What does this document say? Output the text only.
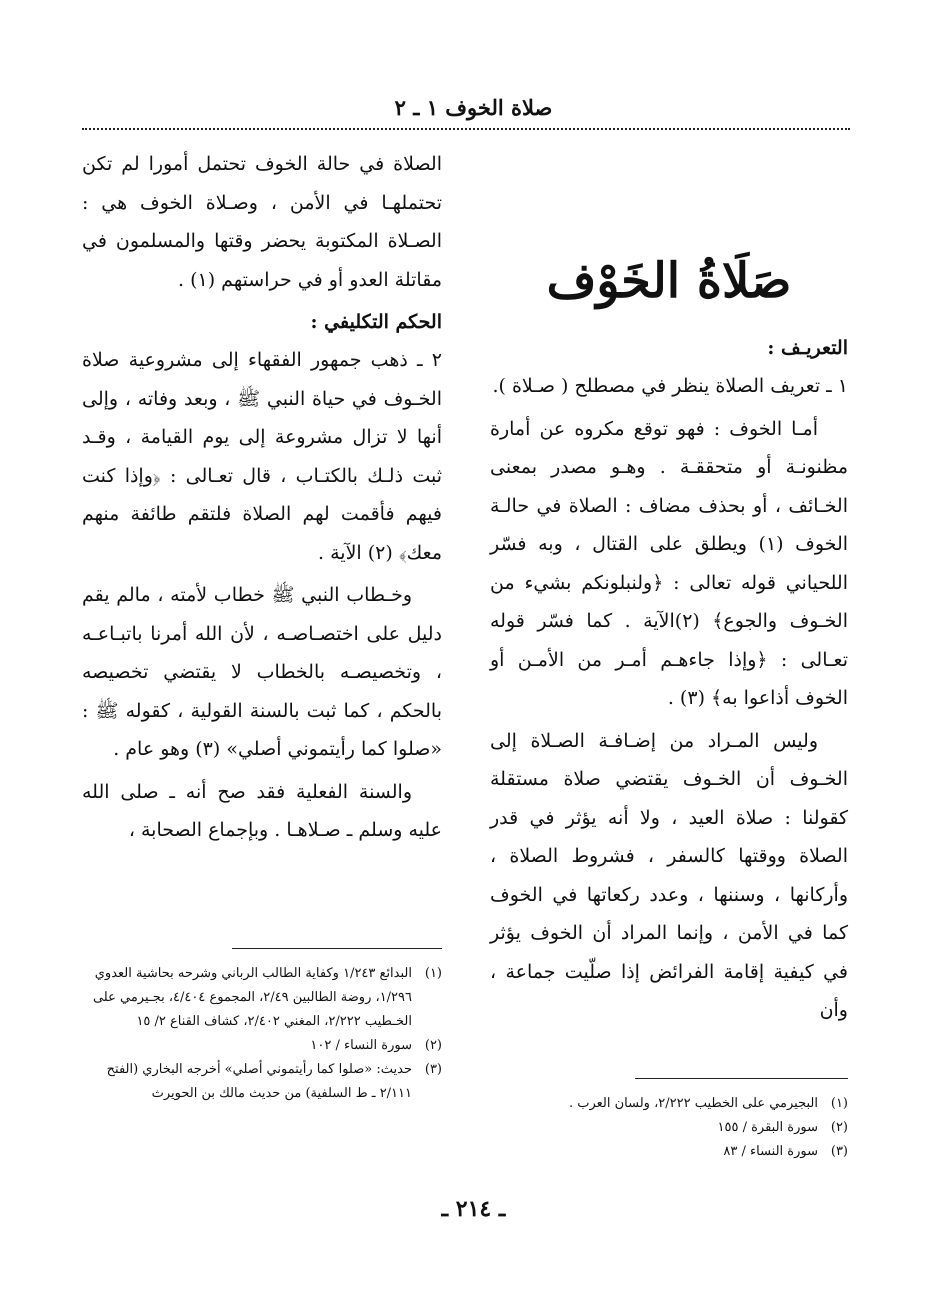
صلاة الخوف ١ ـ ٢
صَلَاةُ الخَوْف

التعريـف :

١ ـ تعريف الصلاة ينظر في مصطلح ( صـلاة ).

أمـا الخوف : فهو توقع مكروه عن أمارة مظنونـة أو متحققـة . وهـو مصدر بمعنى الخـائف ، أو بحذف مضاف : الصلاة في حالـة الخوف (١) ويطلق على القتال ، وبه فسّر اللحياني قوله تعالى : ﴿ولنبلونكم بشيء من الخـوف والجوع﴾ (٢)الآية . كما فسّر قوله تعـالى : ﴿وإذا جاءهـم أمـر من الأمـن أو الخوف أذاعوا به﴾ (٣) .

وليس المـراد من إضـافـة الصـلاة إلى الخـوف أن الخـوف يقتضي صلاة مستقلة كقولنا : صلاة العيد ، ولا أنه يؤثر في قدر الصلاة ووقتها كالسفر ، فشروط الصلاة ، وأركانها ، وسننها ، وعدد ركعاتها في الخوف كما في الأمن ، وإنما المراد أن الخوف يؤثر في كيفية إقامة الفرائض إذا صلّيت جماعة ، وأن

(١)
البجيرمي على الخطيب ٢/٢٢٢، ولسان العرب .
(٢)
سورة البقرة / ١٥٥
(٣)
سورة النساء / ٨٣

الصلاة في حالة الخوف تحتمل أمورا لم تكن تحتملهـا في الأمن ، وصـلاة الخوف هي : الصـلاة المكتوبة يحضر وقتها والمسلمون في مقاتلة العدو أو في حراستهم (١) .

الحكم التكليفي :

٢ ـ ذهب جمهور الفقهاء إلى مشروعية صلاة الخـوف في حياة النبي ﷺ ، وبعد وفاته ، وإلى أنها لا تزال مشروعة إلى يوم القيامة ، وقـد ثبت ذلـك بالكتـاب ، قال تعـالى : ﴿وإذا كنت فيهم فأقمت لهم الصلاة فلتقم طائفة منهم معك﴾ (٢) الآية .

وخـطاب النبي ﷺ خطاب لأمته ، مالم يقم دليل على اختصـاصـه ، لأن الله أمرنا باتبـاعـه ، وتخصيصـه بالخطاب لا يقتضي تخصيصه بالحكم ، كما ثبت بالسنة القولية ، كقوله ﷺ : «صلوا كما رأيتموني أصلي» (٣) وهو عام .

والسنة الفعلية فقد صح أنه ـ صلى الله عليه وسلم ـ صـلاهـا . وبإجماع الصحابة ،

(١)
البدائع ١/٢٤٣ وكفاية الطالب الرباني وشرحه بحاشية العدوي ١/٢٩٦، روضة الطالبين ٢/٤٩، المجموع ٤/٤٠٤، بجـيرمي على الخـطيب ٢/٢٢٢، المغني ٢/٤٠٢، كشاف القناع ٢/ ١٥
(٢)
سورة النساء / ١٠٢
(٣)
حديث: «صلوا كما رأيتموني أصلي» أخرجه البخاري (الفتح ٢/١١١ ـ ط السلفية) من حديث مالك بن الحويرث
ـ ٢١٤ ـ
